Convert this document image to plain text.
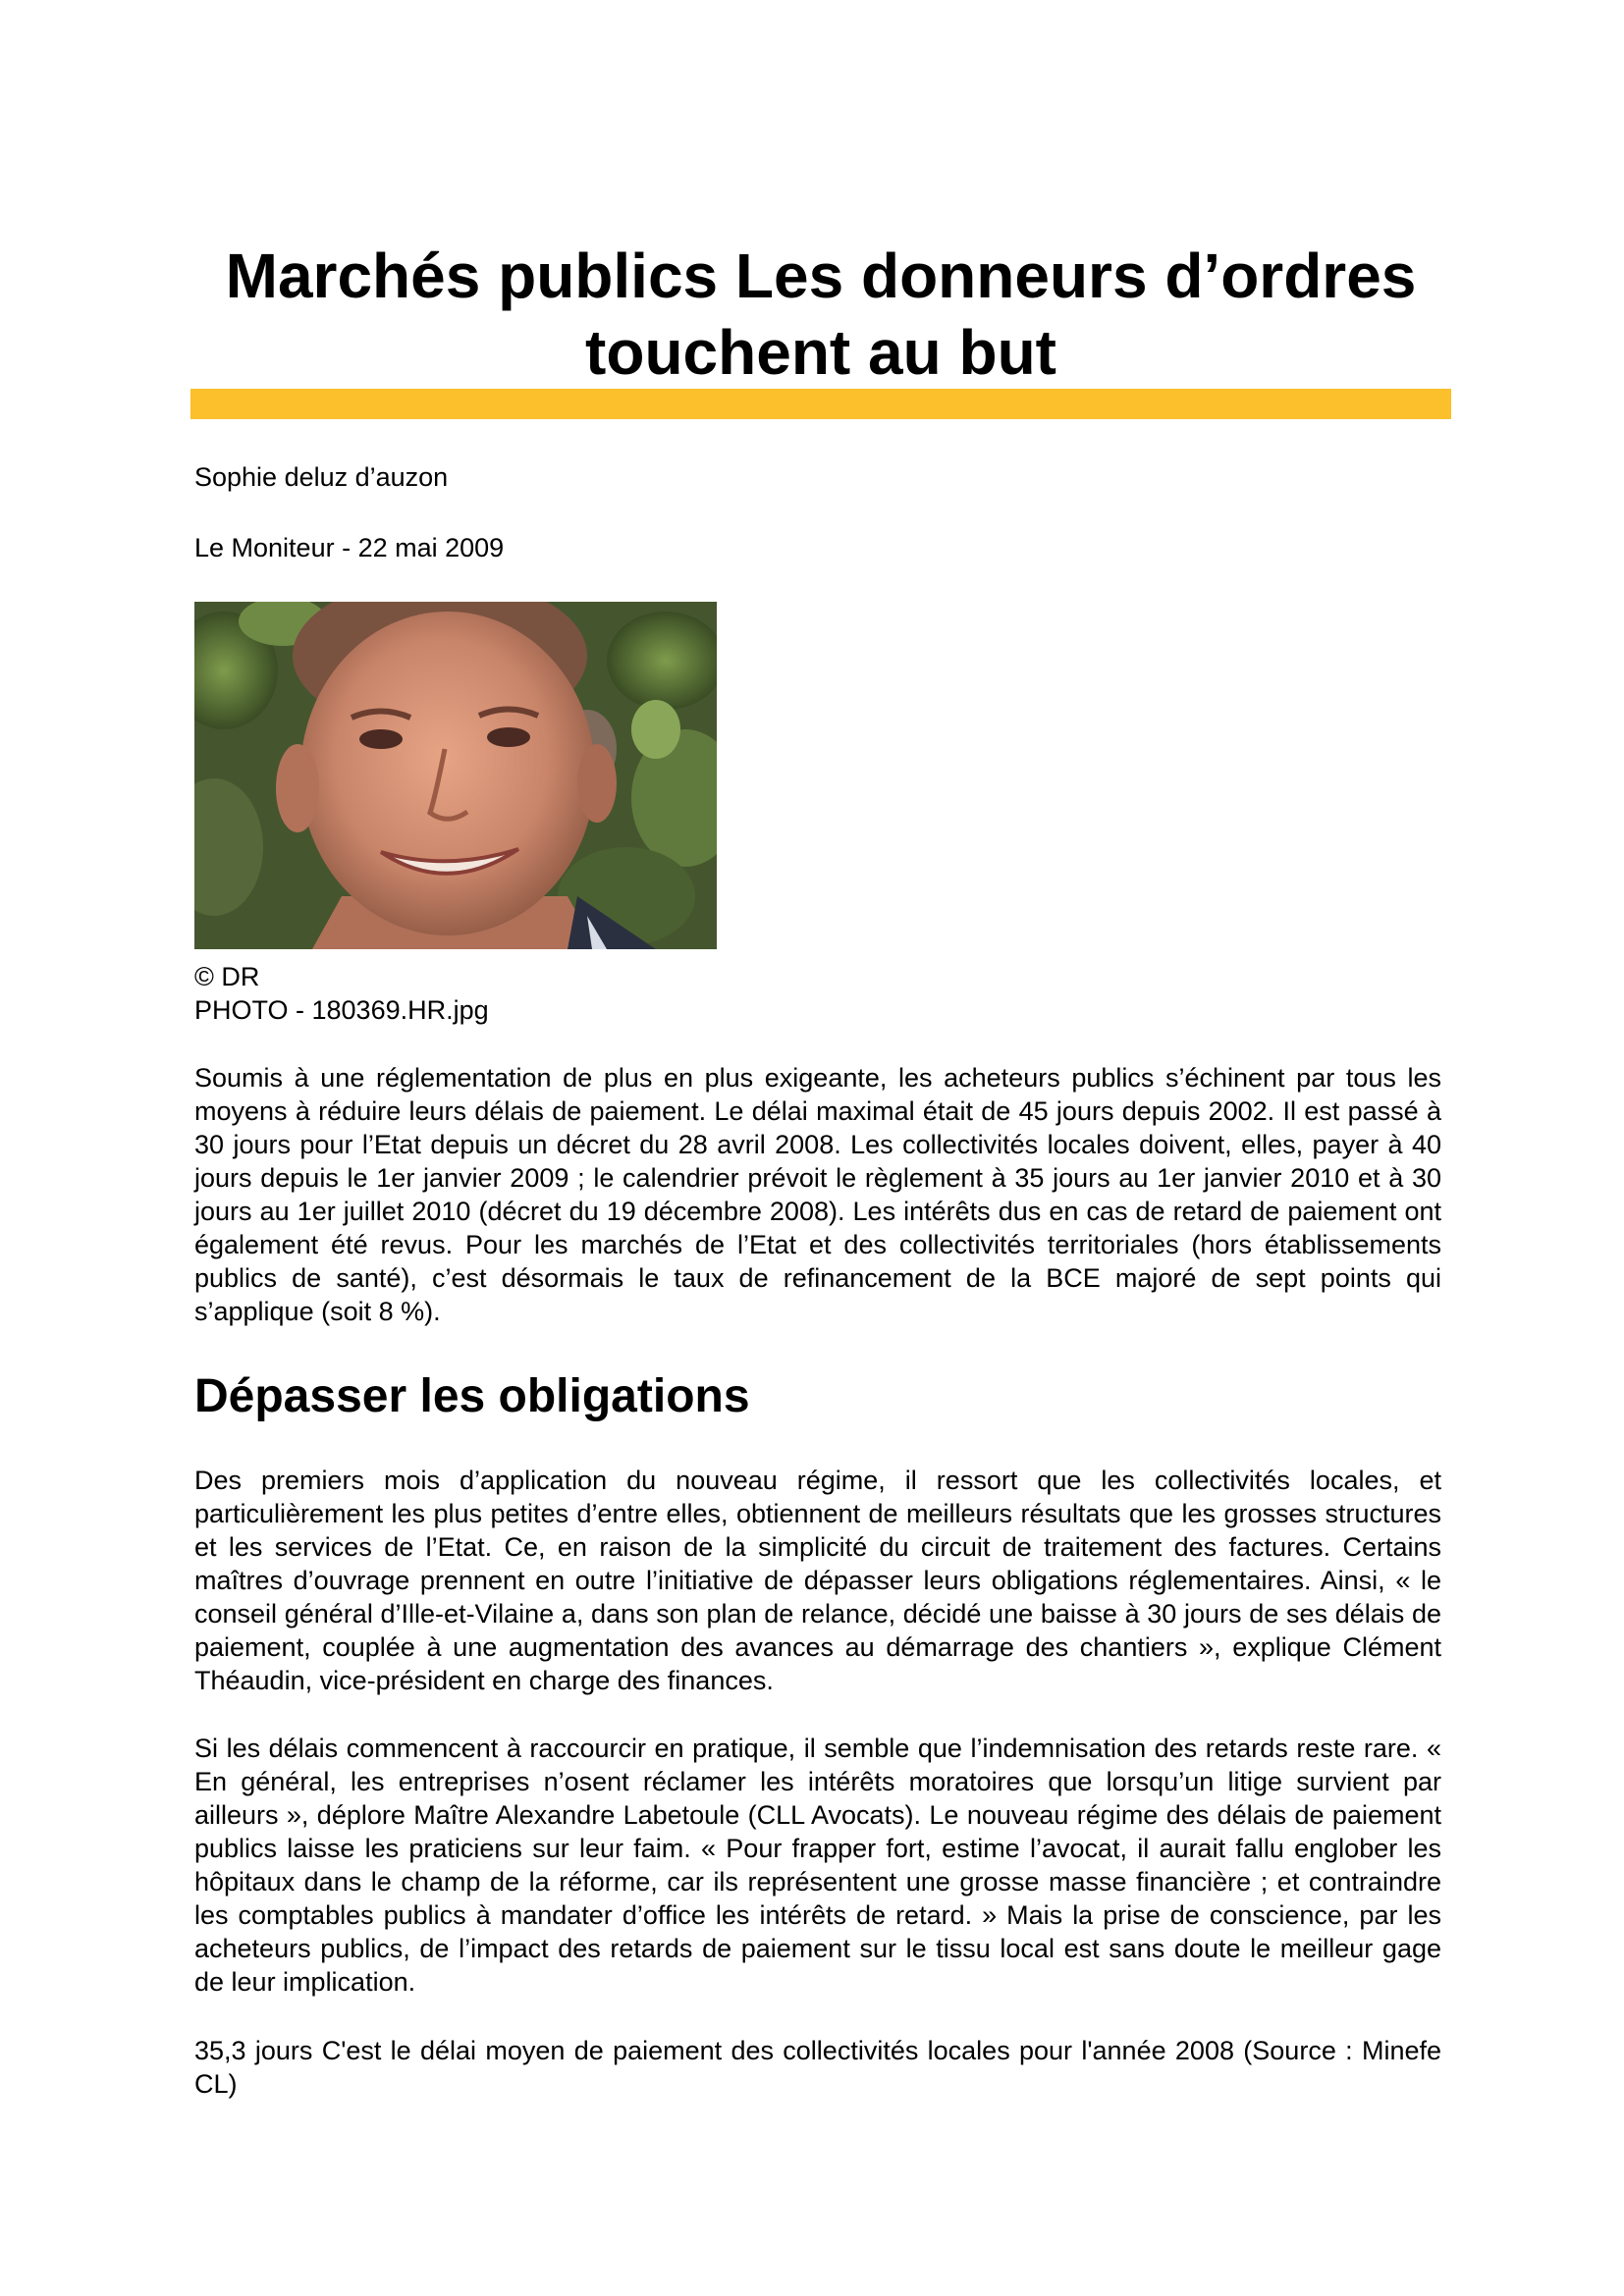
Marchés publics Les donneurs d’ordres touchent au but

Sophie deluz d’auzon

Le Moniteur - 22 mai 2009

© DR
PHOTO - 180369.HR.jpg

Soumis à une réglementation de plus en plus exigeante, les acheteurs publics s’échinent par tous les moyens à réduire leurs délais de paiement. Le délai maximal était de 45 jours depuis 2002. Il est passé à 30 jours pour l’Etat depuis un décret du 28 avril 2008. Les collectivités locales doivent, elles, payer à 40 jours depuis le 1er janvier 2009 ; le calendrier prévoit le règlement à 35 jours au 1er janvier 2010 et à 30 jours au 1er juillet 2010 (décret du 19 décembre 2008). Les intérêts dus en cas de retard de paiement ont également été revus. Pour les marchés de l’Etat et des collectivités territoriales (hors établissements publics de santé), c’est désormais le taux de refinancement de la BCE majoré de sept points qui s’applique (soit 8 %).

Dépasser les obligations

Des premiers mois d’application du nouveau régime, il ressort que les collectivités locales, et particulièrement les plus petites d’entre elles, obtiennent de meilleurs résultats que les grosses structures et les services de l’Etat. Ce, en raison de la simplicité du circuit de traitement des factures. Certains maîtres d’ouvrage prennent en outre l’initiative de dépasser leurs obligations réglementaires. Ainsi, « le conseil général d’Ille-et-Vilaine a, dans son plan de relance, décidé une baisse à 30 jours de ses délais de paiement, couplée à une augmentation des avances au démarrage des chantiers », explique Clément Théaudin, vice-président en charge des finances.

Si les délais commencent à raccourcir en pratique, il semble que l’indemnisation des retards reste rare. « En général, les entreprises n’osent réclamer les intérêts moratoires que lorsqu’un litige survient par ailleurs », déplore Maître Alexandre Labetoule (CLL Avocats). Le nouveau régime des délais de paiement publics laisse les praticiens sur leur faim. « Pour frapper fort, estime l’avocat, il aurait fallu englober les hôpitaux dans le champ de la réforme, car ils représentent une grosse masse financière ; et contraindre les comptables publics à mandater d’office les intérêts de retard. » Mais la prise de conscience, par les acheteurs publics, de l’impact des retards de paiement sur le tissu local est sans doute le meilleur gage de leur implication.

35,3 jours C'est le délai moyen de paiement des collectivités locales pour l'année 2008 (Source : Minefe CL)
